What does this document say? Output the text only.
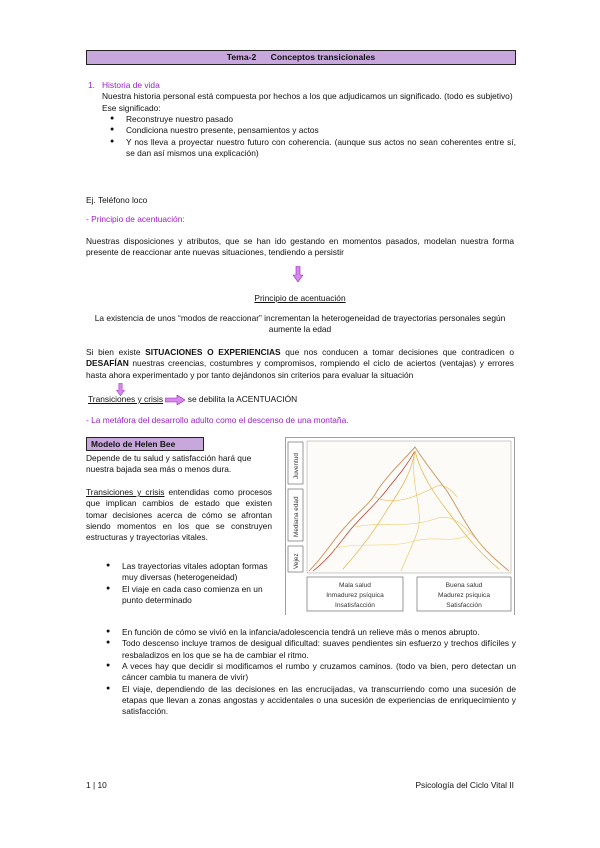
Tema-2 Conceptos transicionales
1. Historia de vida

Nuestra historia personal está compuesta por hechos a los que adjudicamos un significado. (todo es subjetivo)

Ese significado:

● Reconstruye nuestro pasado
● Condiciona nuestro presente, pensamientos y actos
● Y nos lleva a proyectar nuestro futuro con coherencia. (aunque sus actos no sean coherentes entre sí, se dan así mismos una explicación)

Ej. Teléfono loco

- Principio de acentuación:

Nuestras disposiciones y atributos, que se han ido gestando en momentos pasados, modelan nuestra forma presente de reaccionar ante nuevas situaciones, tendiendo a persistir

Principio de acentuación

La existencia de unos “modos de reaccionar” incrementan la heterogeneidad de trayectorias personales según aumente la edad

Si bien existe SITUACIONES O EXPERIENCIAS que nos conducen a tomar decisiones que contradicen o DESAFÍAN nuestras creencias, costumbres y compromisos, rompiendo el ciclo de aciertos (ventajas) y errores hasta ahora experimentado y por tanto dejándonos sin criterios para evaluar la situación

Transiciones y crisis	se debilita la ACENTUACIÓN

- La metáfora del desarrollo adulto como el descenso de una montaña.

Modelo de Helen Bee

Depende de tu salud y satisfacción hará que nuestra bajada sea más o menos dura.

Transiciones y crisis entendidas como procesos que implican cambios de estado que existen tomar decisiones acerca de cómo se afrontan siendo momentos en los que se construyen estructuras y trayectorias vitales.

Juventud
Mediana edad
Vejez
Mala salud
Inmadurez psíquica
Insatisfacción
Buena salud
Madurez psíquica
Satisfacción
● Las trayectorias vitales adoptan formas muy diversas (heterogeneidad)
● El viaje en cada caso comienza en un punto determinado
● En función de cómo se vivió en la infancia/adolescencia tendrá un relieve más o menos abrupto.
● Todo descenso incluye tramos de desigual dificultad: suaves pendientes sin esfuerzo y trechos difíciles y resbaladizos en los que se ha de cambiar el ritmo.
● A veces hay que decidir si modificamos el rumbo y cruzamos caminos. (todo va bien, pero detectan un cáncer cambia tu manera de vivir)
● El viaje, dependiendo de las decisiones en las encrucijadas, va transcurriendo como una sucesión de etapas que llevan a zonas angostas y accidentales o una sucesión de experiencias de enriquecimiento y satisfacción.
1 | 10	Psicología del Ciclo Vital II
